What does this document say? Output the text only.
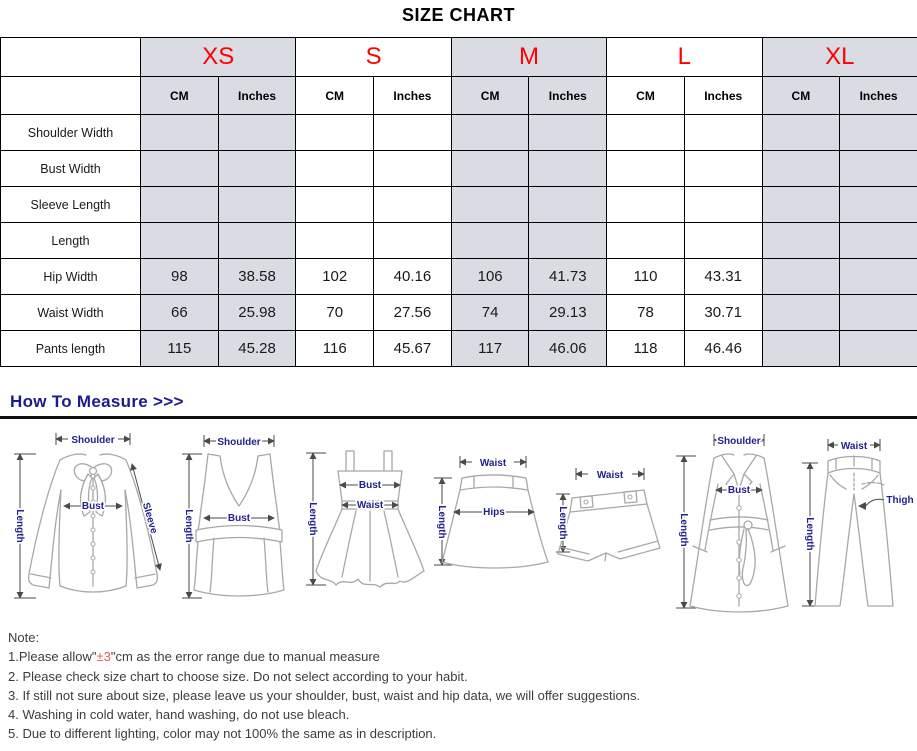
SIZE CHART
	XS		S		M		L		XL	
	CM	Inches	CM	Inches	CM	Inches	CM	Inches	CM	Inches
Shoulder Width										
Bust Width										
Sleeve Length										
Length										
Hip Width	98	38.58	102	40.16	106	41.73	110	43.31		
Waist Width	66	25.98	70	27.56	74	29.13	78	30.71		
Pants length	115	45.28	116	45.67	117	46.06	118	46.46		
How To Measure >>>
Shoulder
Bust	Sleeve
Length
Shoulder
Bust
Length
Bust
Waist
Length
Waist
Hips
Length
Waist
Length
Shoulder
Bust
Length
Waist
Thigh
Length
Note:
1.Please allow"±3"cm as the error range due to manual measure
2. Please check size chart to choose size. Do not select according to your habit.
3. If still not sure about size, please leave us your shoulder, bust, waist and hip data, we will offer suggestions.
4. Washing in cold water, hand washing, do not use bleach.
5. Due to different lighting, color may not 100% the same as in description.
